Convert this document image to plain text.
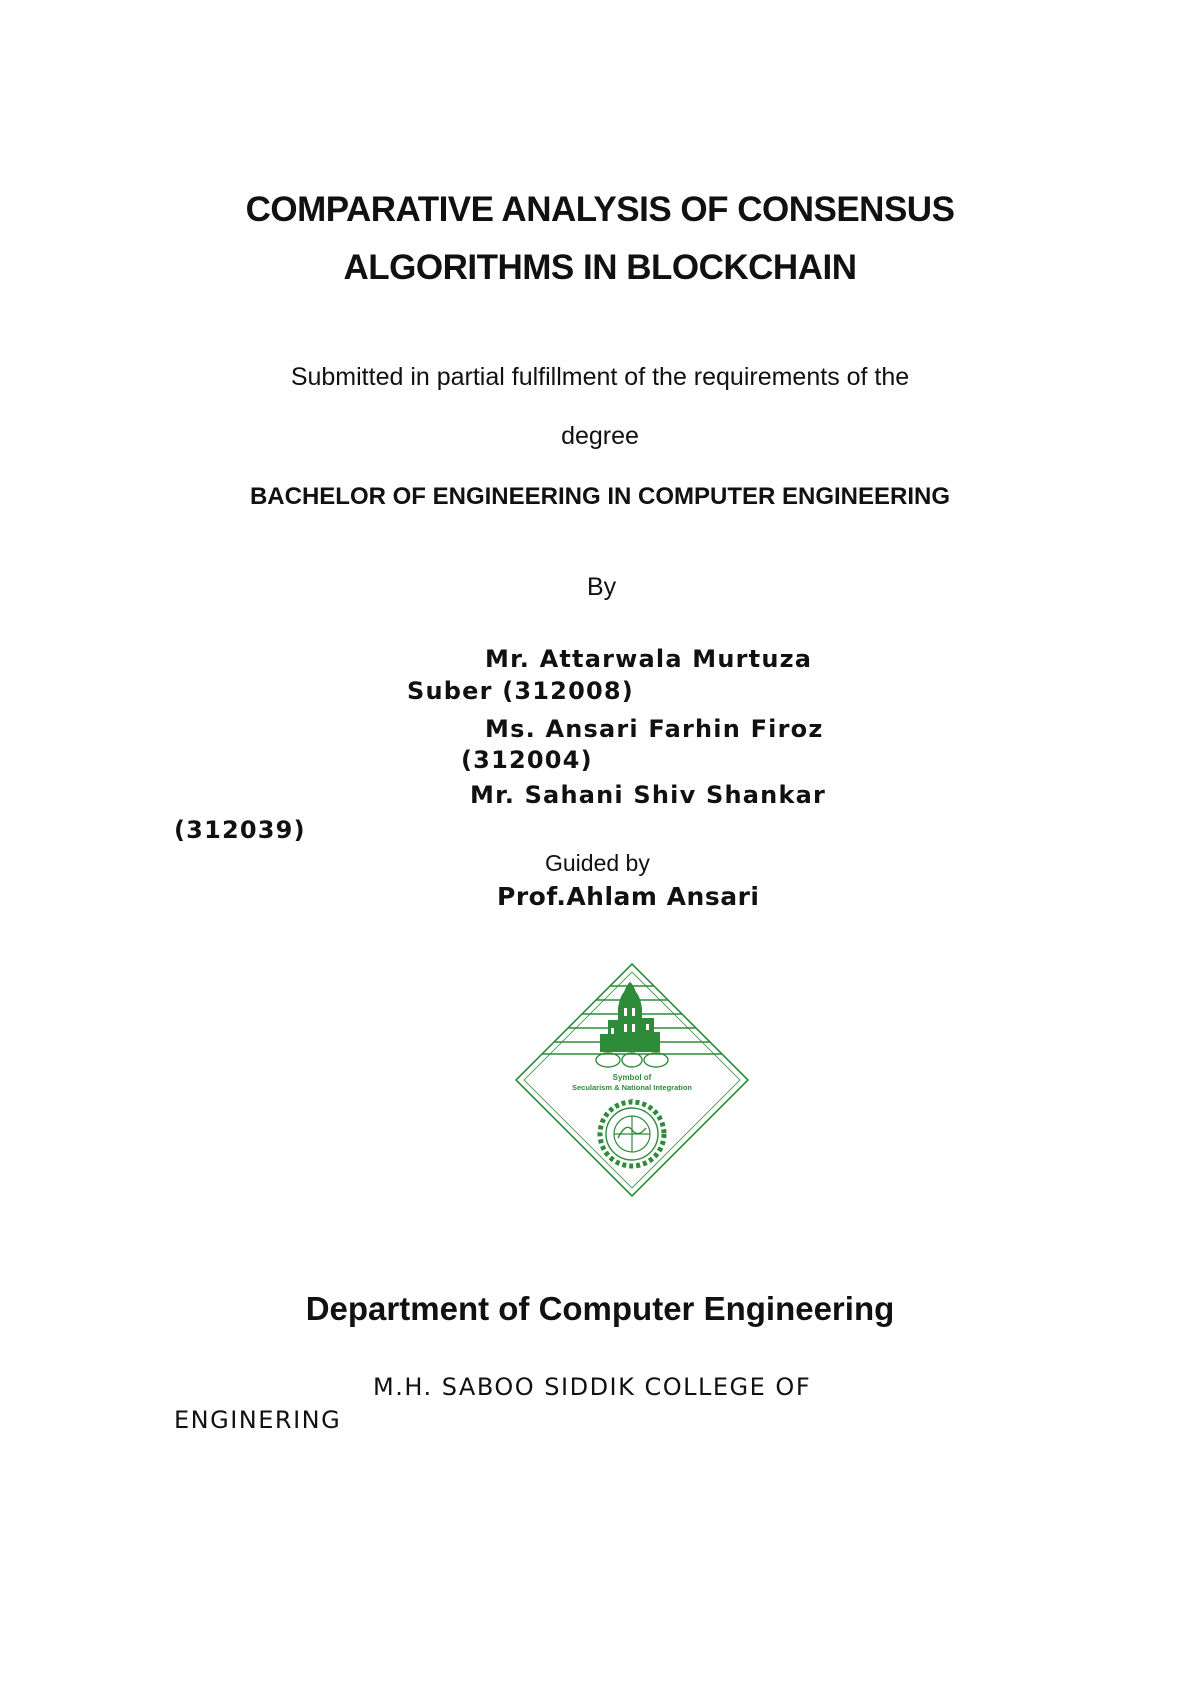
COMPARATIVE ANALYSIS OF CONSENSUS
ALGORITHMS IN BLOCKCHAIN

Submitted in partial fulfillment of the requirements of the

degree

BACHELOR OF ENGINEERING IN COMPUTER ENGINEERING

By

Mr. Attarwala Murtuza

Suber (312008)

Ms. Ansari Farhin Firoz

(312004)

Mr. Sahani Shiv Shankar

(312039)

Guided by

Prof.Ahlam Ansari

Symbol of
Secularism & National Integration
~
Department of Computer Engineering

M.H. SABOO SIDDIK COLLEGE OF

ENGINERING
